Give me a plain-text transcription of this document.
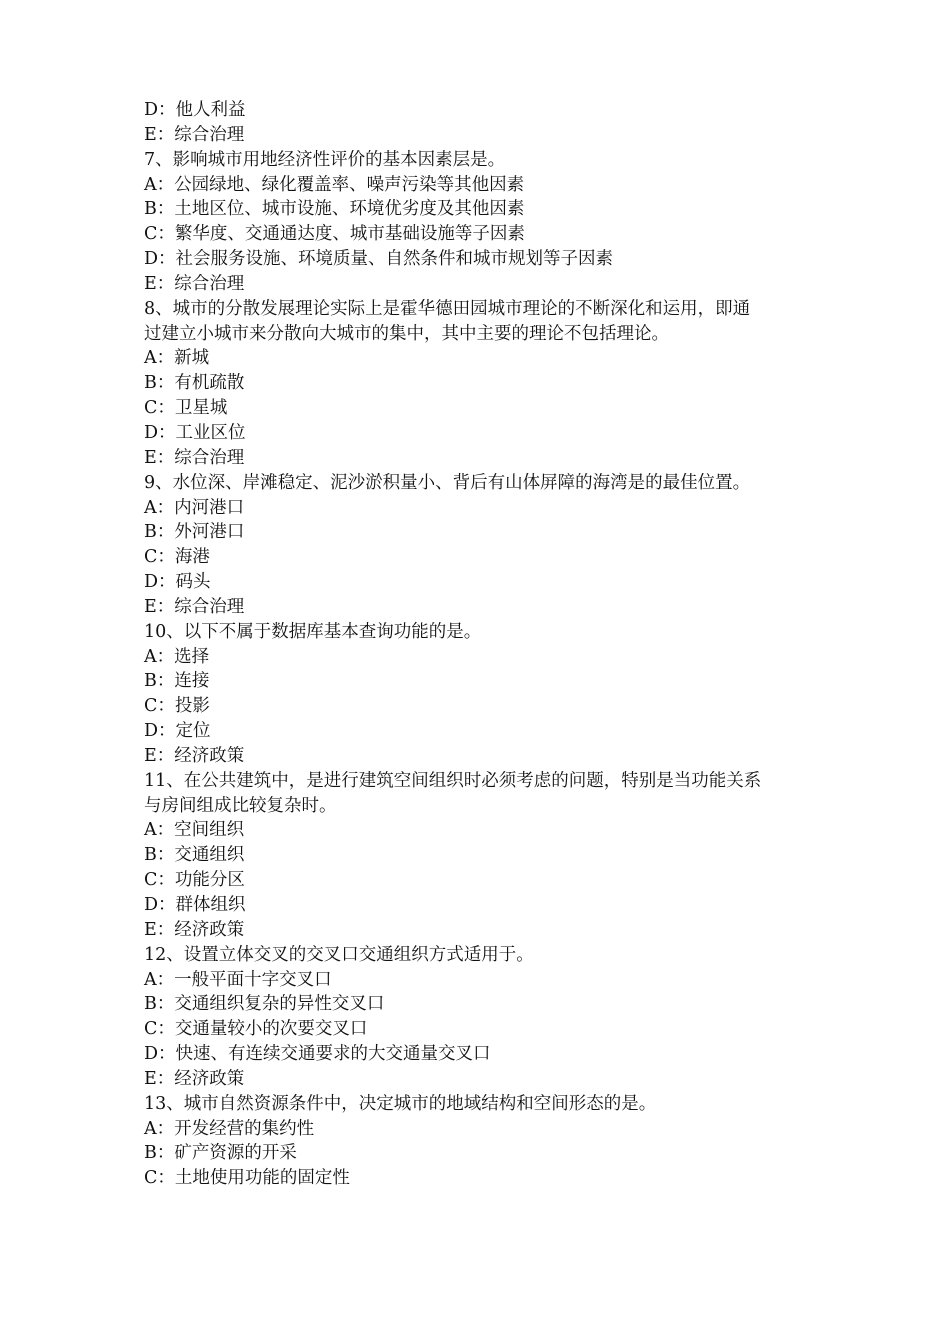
D：他人利益
E：综合治理
7、影响城市用地经济性评价的基本因素层是。
A：公园绿地、绿化覆盖率、噪声污染等其他因素
B：土地区位、城市设施、环境优劣度及其他因素
C：繁华度、交通通达度、城市基础设施等子因素
D：社会服务设施、环境质量、自然条件和城市规划等子因素
E：综合治理
8、城市的分散发展理论实际上是霍华德田园城市理论的不断深化和运用，即通
过建立小城市来分散向大城市的集中，其中主要的理论不包括理论。
A：新城
B：有机疏散
C：卫星城
D：工业区位
E：综合治理
9、水位深、岸滩稳定、泥沙淤积量小、背后有山体屏障的海湾是的最佳位置。
A：内河港口
B：外河港口
C：海港
D：码头
E：综合治理
10、以下不属于数据库基本查询功能的是。
A：选择
B：连接
C：投影
D：定位
E：经济政策
11、在公共建筑中，是进行建筑空间组织时必须考虑的问题，特别是当功能关系
与房间组成比较复杂时。
A：空间组织
B：交通组织
C：功能分区
D：群体组织
E：经济政策
12、设置立体交叉的交叉口交通组织方式适用于。
A：一般平面十字交叉口
B：交通组织复杂的异性交叉口
C：交通量较小的次要交叉口
D：快速、有连续交通要求的大交通量交叉口
E：经济政策
13、城市自然资源条件中，决定城市的地域结构和空间形态的是。
A：开发经营的集约性
B：矿产资源的开采
C：土地使用功能的固定性
